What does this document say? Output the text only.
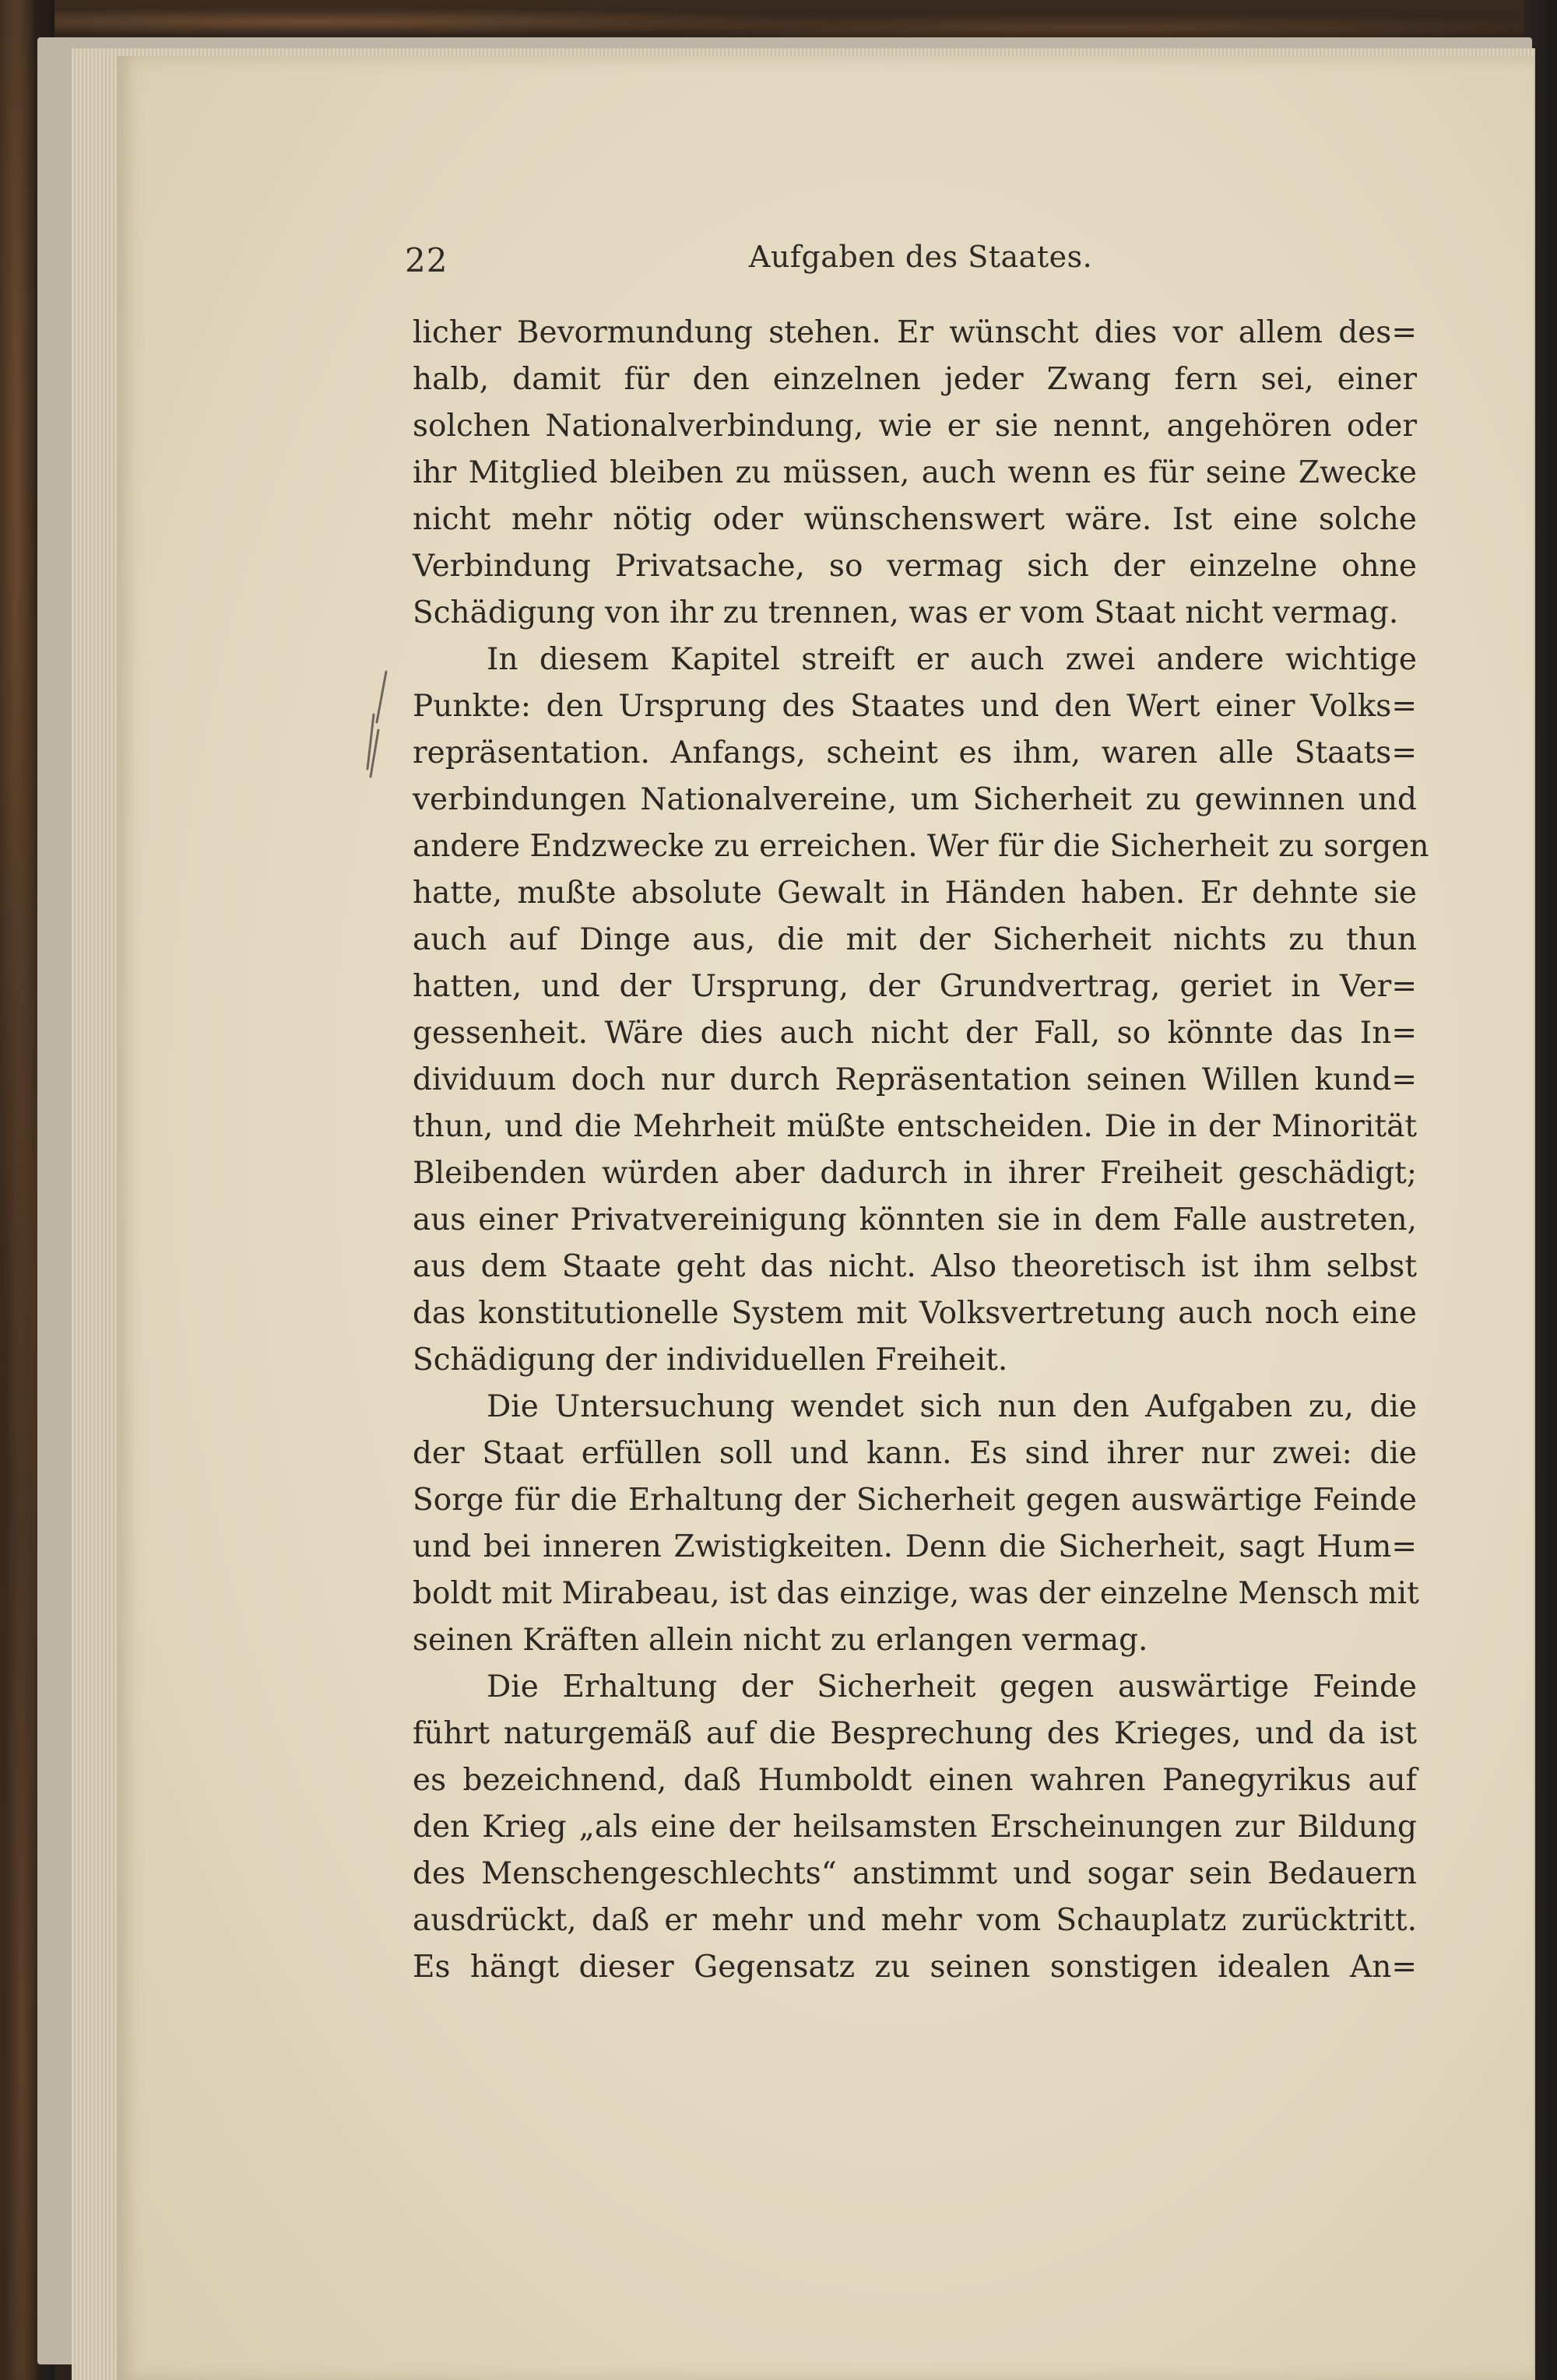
22	Aufgaben des Staates.
licher Bevormundung stehen. Er wünscht dies vor allem des=
halb, damit für den einzelnen jeder Zwang fern sei, einer
solchen Nationalverbindung, wie er sie nennt, angehören oder
ihr Mitglied bleiben zu müssen, auch wenn es für seine Zwecke
nicht mehr nötig oder wünschenswert wäre. Ist eine solche
Verbindung Privatsache, so vermag sich der einzelne ohne
Schädigung von ihr zu trennen, was er vom Staat nicht vermag.
In diesem Kapitel streift er auch zwei andere wichtige
Punkte: den Ursprung des Staates und den Wert einer Volks=
repräsentation. Anfangs, scheint es ihm, waren alle Staats=
verbindungen Nationalvereine, um Sicherheit zu gewinnen und
andere Endzwecke zu erreichen. Wer für die Sicherheit zu sorgen
hatte, mußte absolute Gewalt in Händen haben. Er dehnte sie
auch auf Dinge aus, die mit der Sicherheit nichts zu thun
hatten, und der Ursprung, der Grundvertrag, geriet in Ver=
gessenheit. Wäre dies auch nicht der Fall, so könnte das In=
dividuum doch nur durch Repräsentation seinen Willen kund=
thun, und die Mehrheit müßte entscheiden. Die in der Minorität
Bleibenden würden aber dadurch in ihrer Freiheit geschädigt;
aus einer Privatvereinigung könnten sie in dem Falle austreten,
aus dem Staate geht das nicht. Also theoretisch ist ihm selbst
das konstitutionelle System mit Volksvertretung auch noch eine
Schädigung der individuellen Freiheit.
Die Untersuchung wendet sich nun den Aufgaben zu, die
der Staat erfüllen soll und kann. Es sind ihrer nur zwei: die
Sorge für die Erhaltung der Sicherheit gegen auswärtige Feinde
und bei inneren Zwistigkeiten. Denn die Sicherheit, sagt Hum=
boldt mit Mirabeau, ist das einzige, was der einzelne Mensch mit
seinen Kräften allein nicht zu erlangen vermag.
Die Erhaltung der Sicherheit gegen auswärtige Feinde
führt naturgemäß auf die Besprechung des Krieges, und da ist
es bezeichnend, daß Humboldt einen wahren Panegyrikus auf
den Krieg „als eine der heilsamsten Erscheinungen zur Bildung
des Menschengeschlechts“ anstimmt und sogar sein Bedauern
ausdrückt, daß er mehr und mehr vom Schauplatz zurücktritt.
Es hängt dieser Gegensatz zu seinen sonstigen idealen An=
